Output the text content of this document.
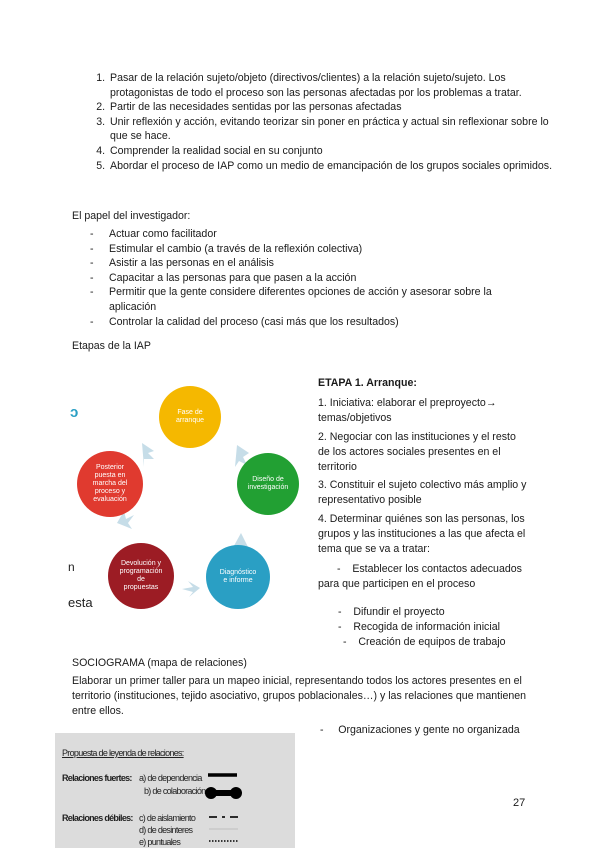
1. Pasar de la relación sujeto/objeto (directivos/clientes) a la relación sujeto/sujeto. Los protagonistas de todo el proceso son las personas afectadas por los problemas a tratar.
2. Partir de las necesidades sentidas por las personas afectadas
3. Unir reflexión y acción, evitando teorizar sin poner en práctica y actual sin reflexionar sobre lo que se hace.
4. Comprender la realidad social en su conjunto
5. Abordar el proceso de IAP como un medio de emancipación de los grupos sociales oprimidos.
El papel del investigador:
- Actuar como facilitador
- Estimular el cambio (a través de la reflexión colectiva)
- Asistir a las personas en el análisis
- Capacitar a las personas para que pasen a la acción
- Permitir que la gente considere diferentes opciones de acción y asesorar sobre la aplicación
- Controlar la calidad del proceso (casi más que los resultados)
Etapas de la IAP
ɔ
n
esta
Fase de arranque
Diseño de investigación
Diagnóstico e informe
Devolución y programación de propuestas
Posterior puesta en marcha del proceso y evaluación

ETAPA 1. Arranque:

1. Iniciativa: elaborar el preproyecto→ temas/objetivos

2. Negociar con las instituciones y el resto de los actores sociales presentes en el territorio

3. Constituir el sujeto colectivo más amplio y representativo posible

4. Determinar quiénes son las personas, los grupos y las instituciones a las que afecta el tema que se va a tratar:

-    Establecer los contactos adecuados para que participen en el proceso
-    Difundir el proyecto
-    Recogida de información inicial
-    Creación de equipos de trabajo
SOCIOGRAMA (mapa de relaciones)
Elaborar un primer taller para un mapeo inicial, representando todos los actores presentes en el territorio (instituciones, tejido asociativo, grupos poblacionales…) y las relaciones que mantienen entre ellos.
-     Organizaciones y gente no organizada
Propuesta de leyenda de relaciones:
Relaciones fuertes: a) de dependencia
b) de colaboración
Relaciones débiles: c) de aislamiento
d) de desinteres
e) puntuales
27
